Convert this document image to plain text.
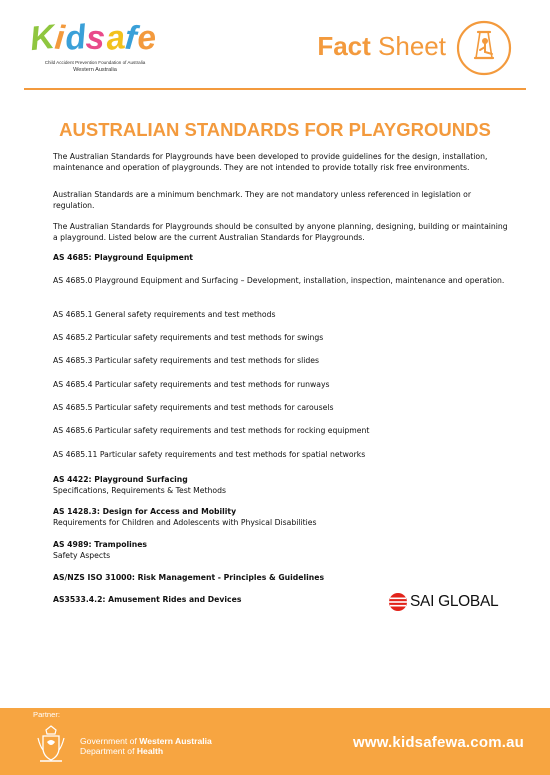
Kidsafe
Child Accident Prevention Foundation of Australia
Western Australia
Fact Sheet
AUSTRALIAN STANDARDS FOR PLAYGROUNDS

The Australian Standards for Playgrounds have been developed to provide guidelines for the design, installation, maintenance and operation of playgrounds. They are not intended to provide totally risk free environments.

Australian Standards are a minimum benchmark. They are not mandatory unless referenced in legislation or regulation.

The Australian Standards for Playgrounds should be consulted by anyone planning, designing, building or maintaining a playground. Listed below are the current Australian Standards for Playgrounds.

AS 4685: Playground Equipment

AS 4685.0 Playground Equipment and Surfacing – Development, installation, inspection, maintenance and operation.

AS 4685.1 General safety requirements and test methods

AS 4685.2 Particular safety requirements and test methods for swings

AS 4685.3 Particular safety requirements and test methods for slides

AS 4685.4 Particular safety requirements and test methods for runways

AS 4685.5 Particular safety requirements and test methods for carousels

AS 4685.6 Particular safety requirements and test methods for rocking equipment

AS 4685.11 Particular safety requirements and test methods for spatial networks

AS 4422: Playground Surfacing

Specifications, Requirements & Test Methods

AS 1428.3: Design for Access and Mobility

Requirements for Children and Adolescents with Physical Disabilities

AS 4989: Trampolines

Safety Aspects

AS/NZS ISO 31000: Risk Management - Principles & Guidelines

AS3533.4.2: Amusement Rides and Devices	SAI GLOBAL
Partner:
Government of Western Australia
Department of Health	www.kidsafewa.com.au
